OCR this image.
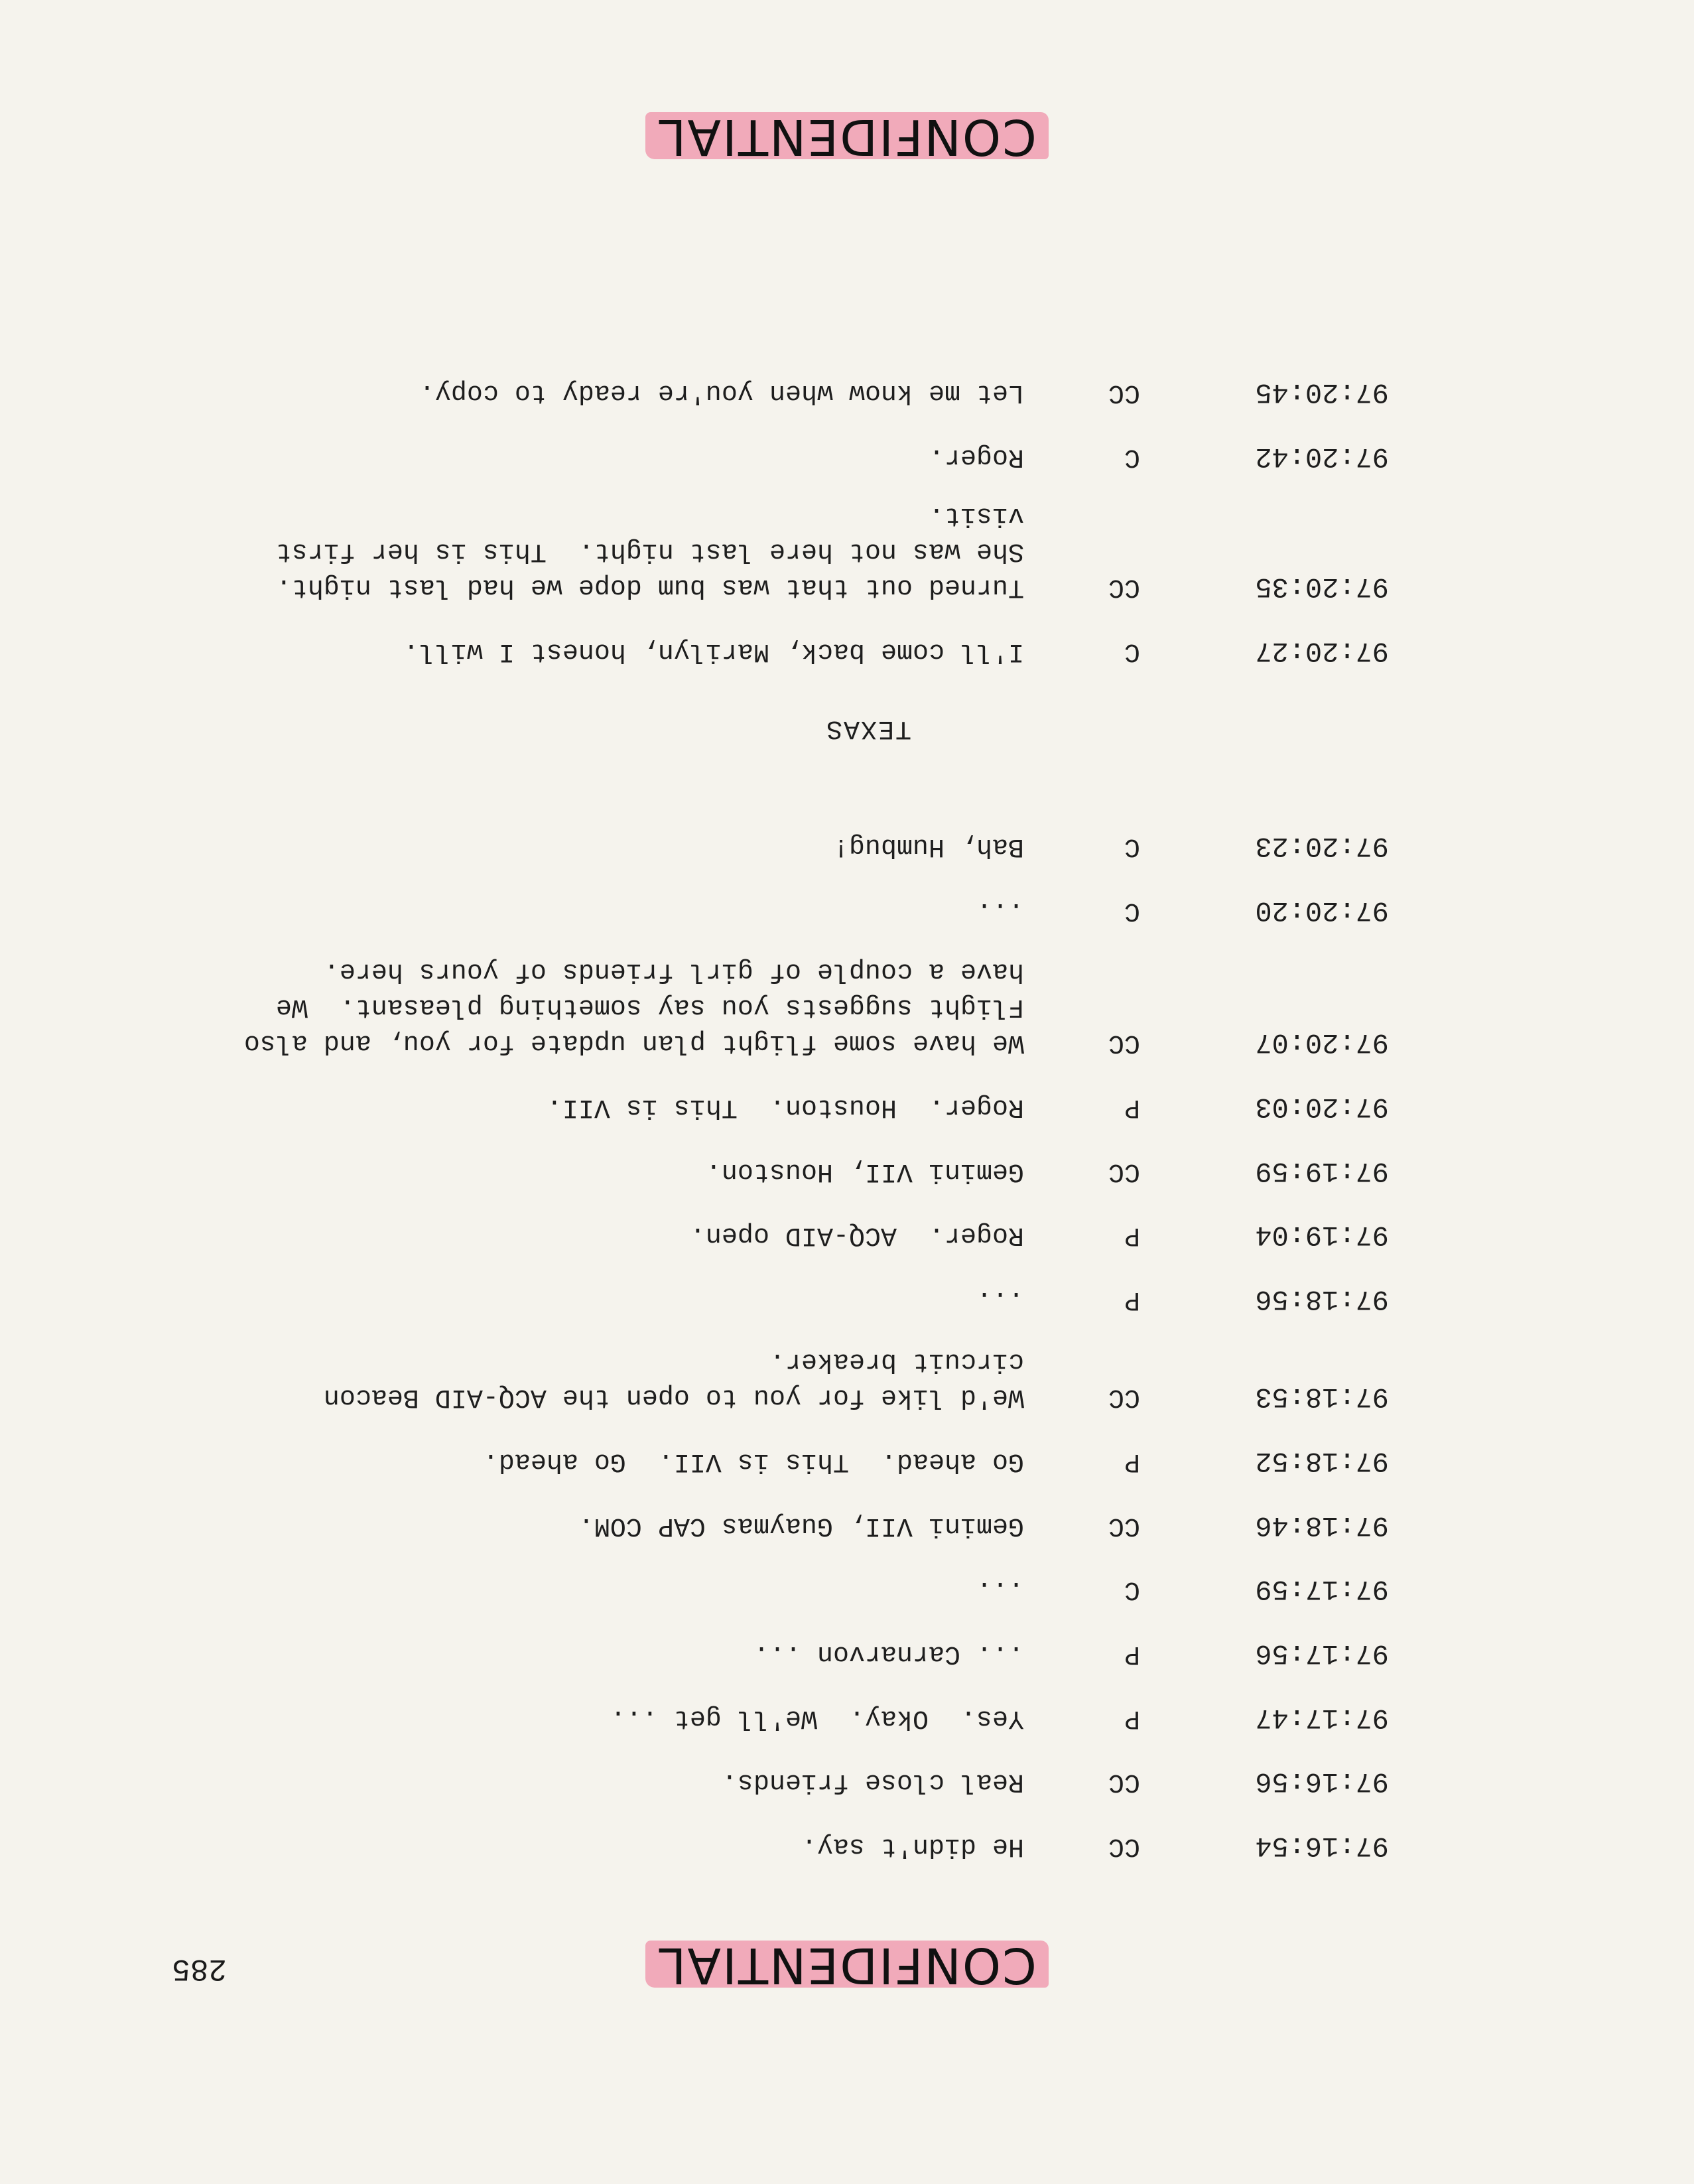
CONFIDENTIAL
285
97:16:54
CC
He didn't say.
97:16:56
CC
Real close friends.
97:17:47
P
Yes.  Okay.  We'll get ...
97:17:56
P
... Carnarvon ...
97:17:59
C
...
97:18:46
CC
Gemini VII, Guaymas CAP COM.
97:18:52
P
Go ahead.  This is VII.  Go ahead.
97:18:53
CC
We'd like for you to open the ACQ-AID Beacon circuit breaker.
97:18:56
P
...
97:19:04
P
Roger.  ACQ-AID open.
97:19:59
CC
Gemini VII, Houston.
97:20:03
P
Roger.  Houston.  This is VII.
97:20:07
CC
We have some flight plan update for you, and also Flight suggests you say something pleasant.  We have a couple of girl friends of yours here.
97:20:20
C
...
97:20:23
C
Bah, Humbug!
TEXAS
97:20:27
C
I'll come back, Marilyn, honest I will.
97:20:35
CC
Turned out that was bum dope we had last night. She was not here last night.  This is her first visit.
97:20:42
C
Roger.
97:20:45
CC
Let me know when you're ready to copy.
CONFIDENTIAL
